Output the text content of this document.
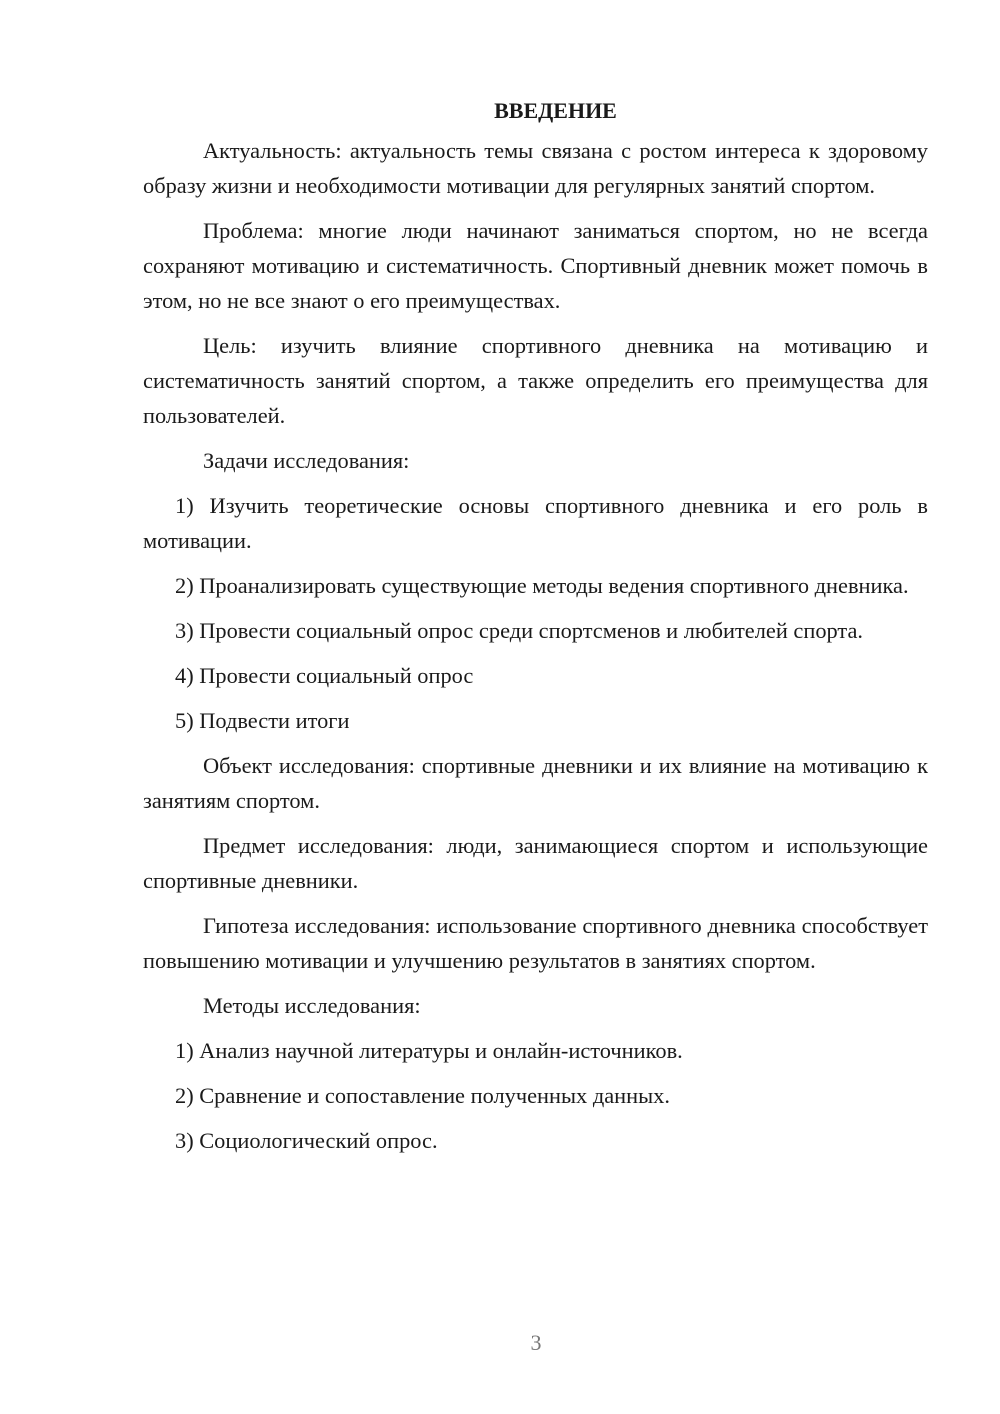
ВВЕДЕНИЕ

Актуальность: актуальность темы связана с ростом интереса к здоровому образу жизни и необходимости мотивации для регулярных занятий спортом.

Проблема: многие люди начинают заниматься спортом, но не всегда сохраняют мотивацию и систематичность. Спортивный дневник может помочь в этом, но не все знают о его преимуществах.

Цель: изучить влияние спортивного дневника на мотивацию и систематичность занятий спортом, а также определить его преимущества для пользователей.

Задачи исследования:

1) Изучить теоретические основы спортивного дневника и его роль в мотивации.

2) Проанализировать существующие методы ведения спортивного дневника.

3) Провести социальный опрос среди спортсменов и любителей спорта.

4) Провести социальный опрос

5) Подвести итоги

Объект исследования: спортивные дневники и их влияние на мотивацию к занятиям спортом.

Предмет исследования: люди, занимающиеся спортом и использующие спортивные дневники.

Гипотеза исследования: использование спортивного дневника способствует повышению мотивации и улучшению результатов в занятиях спортом.

Методы исследования:

1) Анализ научной литературы и онлайн-источников.

2) Сравнение и сопоставление полученных данных.

3) Социологический опрос.

3
